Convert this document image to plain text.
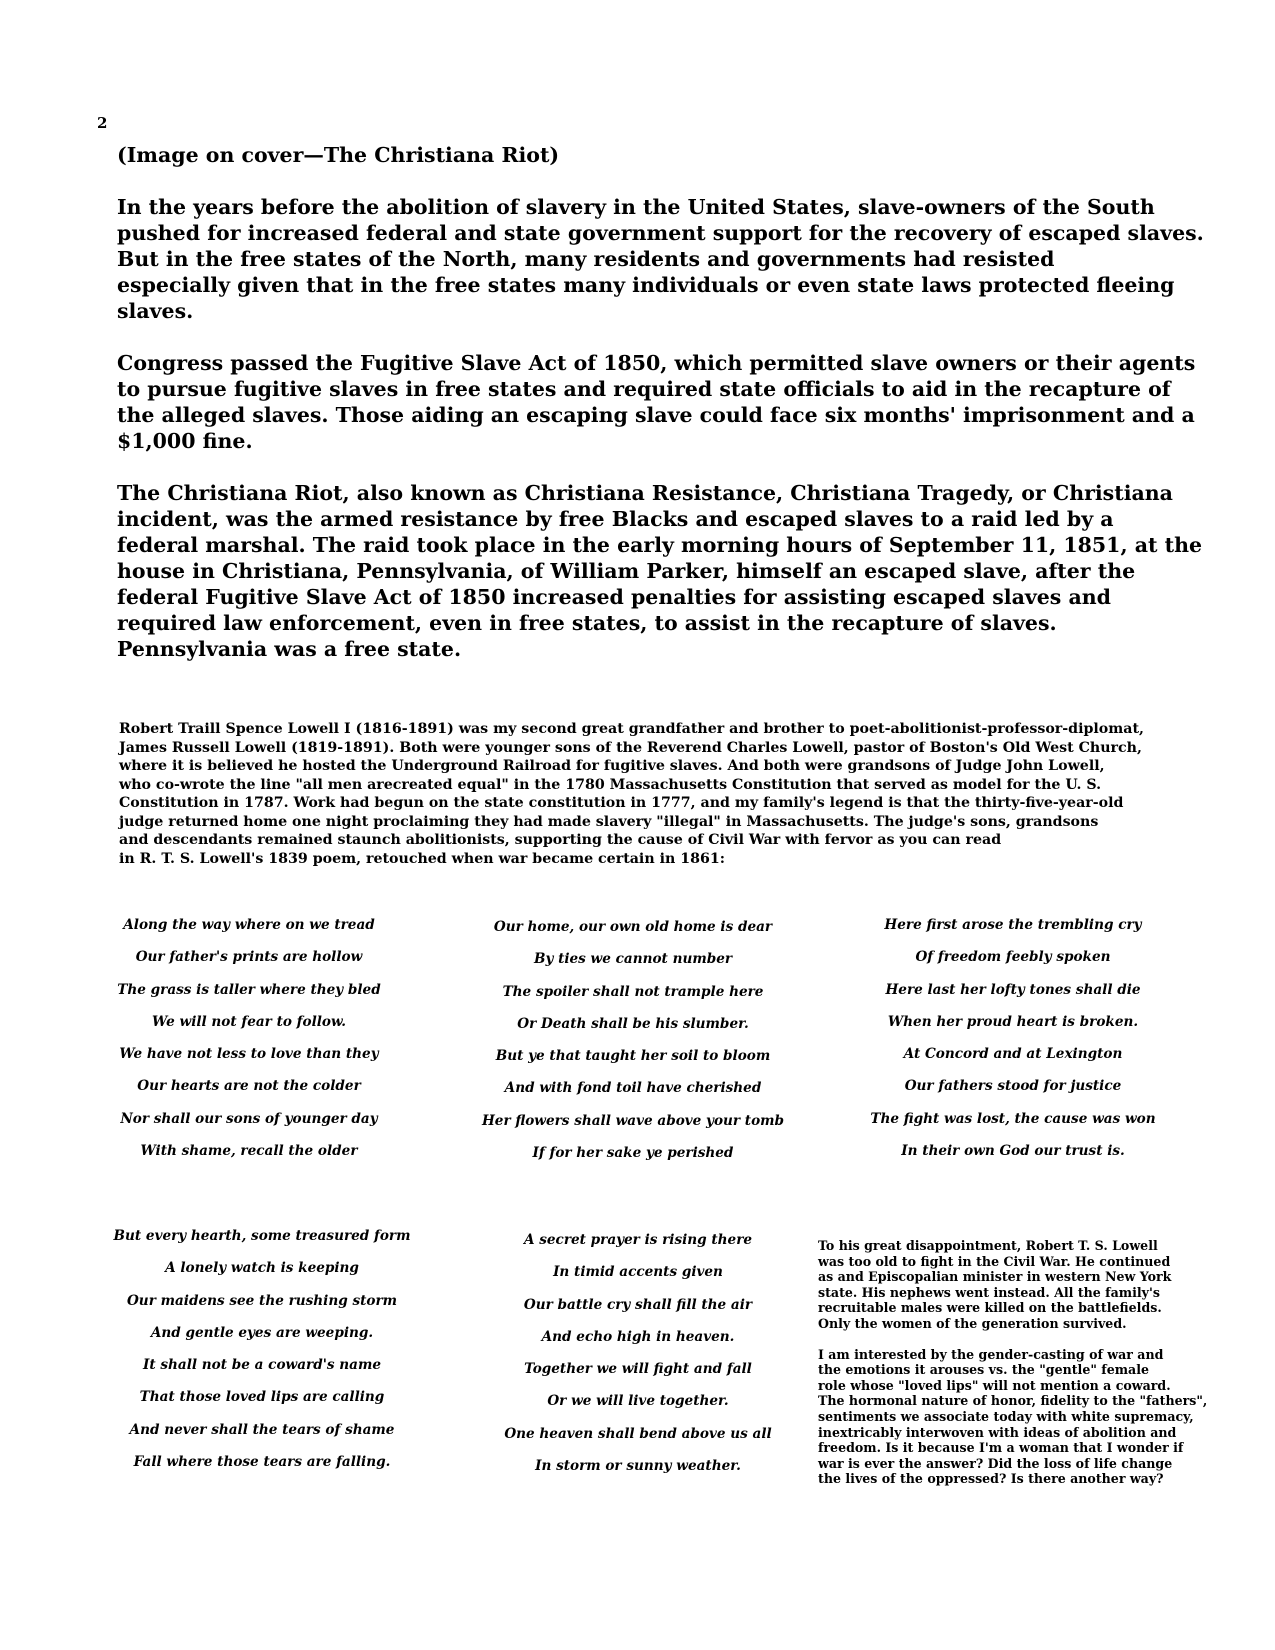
2
(Image on cover—The Christiana Riot)

In the years before the abolition of slavery in the United States, slave-owners of the South
pushed for increased federal and state government support for the recovery of escaped slaves.
But in the free states of the North, many residents and governments had resisted
especially given that in the free states many individuals or even state laws protected fleeing
slaves.

Congress passed the Fugitive Slave Act of 1850, which permitted slave owners or their agents
to pursue fugitive slaves in free states and required state officials to aid in the recapture of
the alleged slaves. Those aiding an escaping slave could face six months' imprisonment and a
$1,000 fine.

The Christiana Riot, also known as Christiana Resistance, Christiana Tragedy, or Christiana
incident, was the armed resistance by free Blacks and escaped slaves to a raid led by a
federal marshal. The raid took place in the early morning hours of September 11, 1851, at the
house in Christiana, Pennsylvania, of William Parker, himself an escaped slave, after the
federal Fugitive Slave Act of 1850 increased penalties for assisting escaped slaves and
required law enforcement, even in free states, to assist in the recapture of slaves.
Pennsylvania was a free state.

Robert Traill Spence Lowell I (1816-1891) was my second great grandfather and brother to poet-abolitionist-professor-diplomat,
James Russell Lowell (1819-1891). Both were younger sons of the Reverend Charles Lowell, pastor of Boston's Old West Church,
where it is believed he hosted the Underground Railroad for fugitive slaves. And both were grandsons of Judge John Lowell,
who co-wrote the line "all men arecreated equal" in the 1780 Massachusetts Constitution that served as model for the U. S.
Constitution in 1787. Work had begun on the state constitution in 1777, and my family's legend is that the thirty-five-year-old
judge returned home one night proclaiming they had made slavery "illegal" in Massachusetts. The judge's sons, grandsons
and descendants remained staunch abolitionists, supporting the cause of Civil War with fervor as you can read
in R. T. S. Lowell's 1839 poem, retouched when war became certain in 1861:
Along the way where on we tread
Our father's prints are hollow
The grass is taller where they bled
We will not fear to follow.
We have not less to love than they
Our hearts are not the colder
Nor shall our sons of younger day
With shame, recall the older
Our home, our own old home is dear
By ties we cannot number
The spoiler shall not trample here
Or Death shall be his slumber.
But ye that taught her soil to bloom
And with fond toil have cherished
Her flowers shall wave above your tomb
If for her sake ye perished
Here first arose the trembling cry
Of freedom feebly spoken
Here last her lofty tones shall die
When her proud heart is broken.
At Concord and at Lexington
Our fathers stood for justice
The fight was lost, the cause was won
In their own God our trust is.
But every hearth, some treasured form
A lonely watch is keeping
Our maidens see the rushing storm
And gentle eyes are weeping.
It shall not be a coward's name
That those loved lips are calling
And never shall the tears of shame
Fall where those tears are falling.
A secret prayer is rising there
In timid accents given
Our battle cry shall fill the air
And echo high in heaven.
Together we will fight and fall
Or we will live together.
One heaven shall bend above us all
In storm or sunny weather.

To his great disappointment, Robert T. S. Lowell
was too old to fight in the Civil War. He continued
as and Episcopalian minister in western New York
state. His nephews went instead. All the family's
recruitable males were killed on the battlefields.
Only the women of the generation survived.

I am interested by the gender-casting of war and
the emotions it arouses vs. the "gentle" female
role whose "loved lips" will not mention a coward.
The hormonal nature of honor, fidelity to the "fathers",
sentiments we associate today with white supremacy,
inextricably interwoven with ideas of abolition and
freedom. Is it because I'm a woman that I wonder if
war is ever the answer? Did the loss of life change
the lives of the oppressed? Is there another way?
